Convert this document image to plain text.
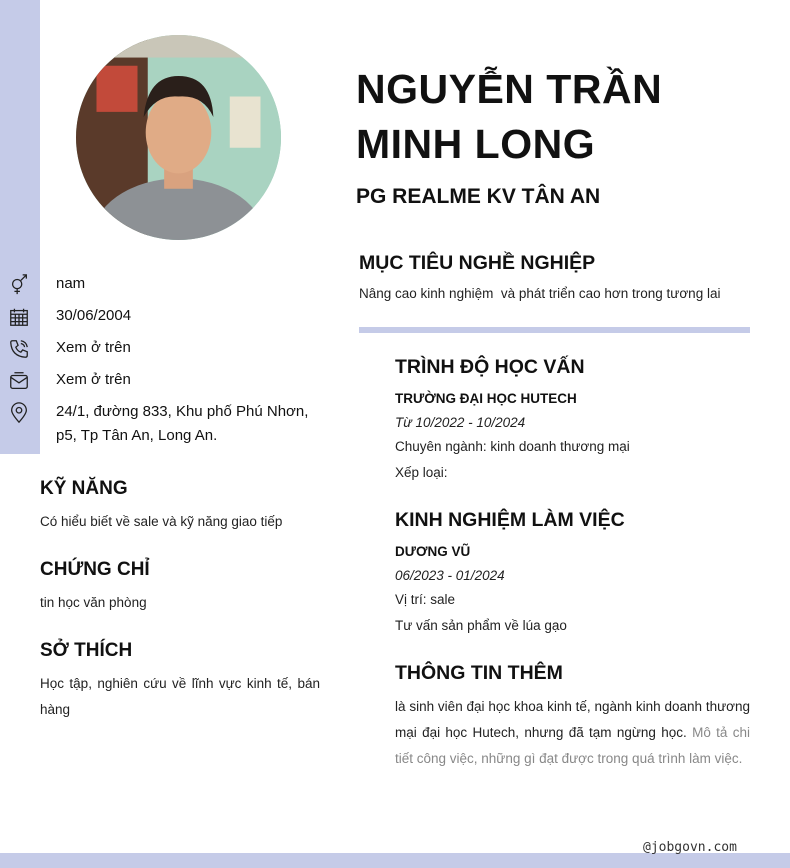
NGUYỄN TRẦN
MINH LONG
PG REALME KV TÂN AN
nam
30/06/2004
Xem ở trên
Xem ở trên
24/1, đường 833, Khu phố Phú Nhơn, p5, Tp Tân An, Long An.
KỸ NĂNG
Có hiểu biết về sale và kỹ năng giao tiếp
CHỨNG CHỈ
tin học văn phòng
SỞ THÍCH
Học tập, nghiên cứu về lĩnh vực kinh tế, bán hàng
MỤC TIÊU NGHỀ NGHIỆP
Nâng cao kinh nghiệm  và phát triển cao hơn trong tương lai
TRÌNH ĐỘ HỌC VẤN
TRƯỜNG ĐẠI HỌC HUTECH
Từ 10/2022 - 10/2024
Chuyên ngành: kinh doanh thương mại
Xếp loại:
KINH NGHIỆM LÀM VIỆC
DƯƠNG VŨ
06/2023 - 01/2024
Vị trí: sale
Tư vấn sản phẩm về lúa gạo
THÔNG TIN THÊM
là sinh viên đại học khoa kinh tế, ngành kinh doanh thương mại đại học Hutech, nhưng đã tạm ngừng học. Mô tả chi tiết công việc, những gì đạt được trong quá trình làm việc.
@jobgovn.com
